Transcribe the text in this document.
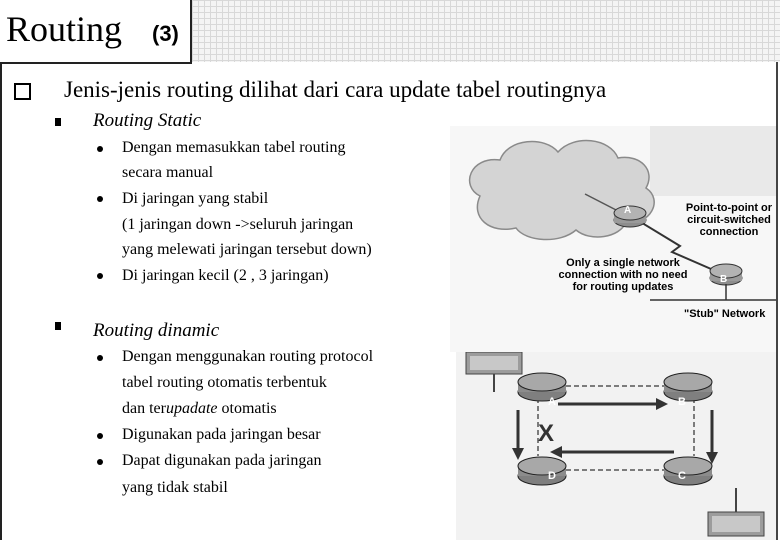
Routing (3)
Jenis-jenis routing dilihat dari cara update tabel routingnya
Routing Static
Dengan memasukkan tabel routing
secara manual
Di jaringan yang stabil
(1 jaringan down ->seluruh jaringan
yang melewati jaringan tersebut down)
Di jaringan kecil (2 , 3 jaringan)
Routing dinamic
Dengan menggunakan routing protocol
tabel routing otomatis terbentuk
dan terupadate otomatis
Digunakan pada jaringan besar
Dapat digunakan pada jaringan
yang tidak stabil
A
B
Point-to-point or
circuit-switched
connection
Only a single network
connection with no need
for routing updates
"Stub" Network
A	B
D	C
X
